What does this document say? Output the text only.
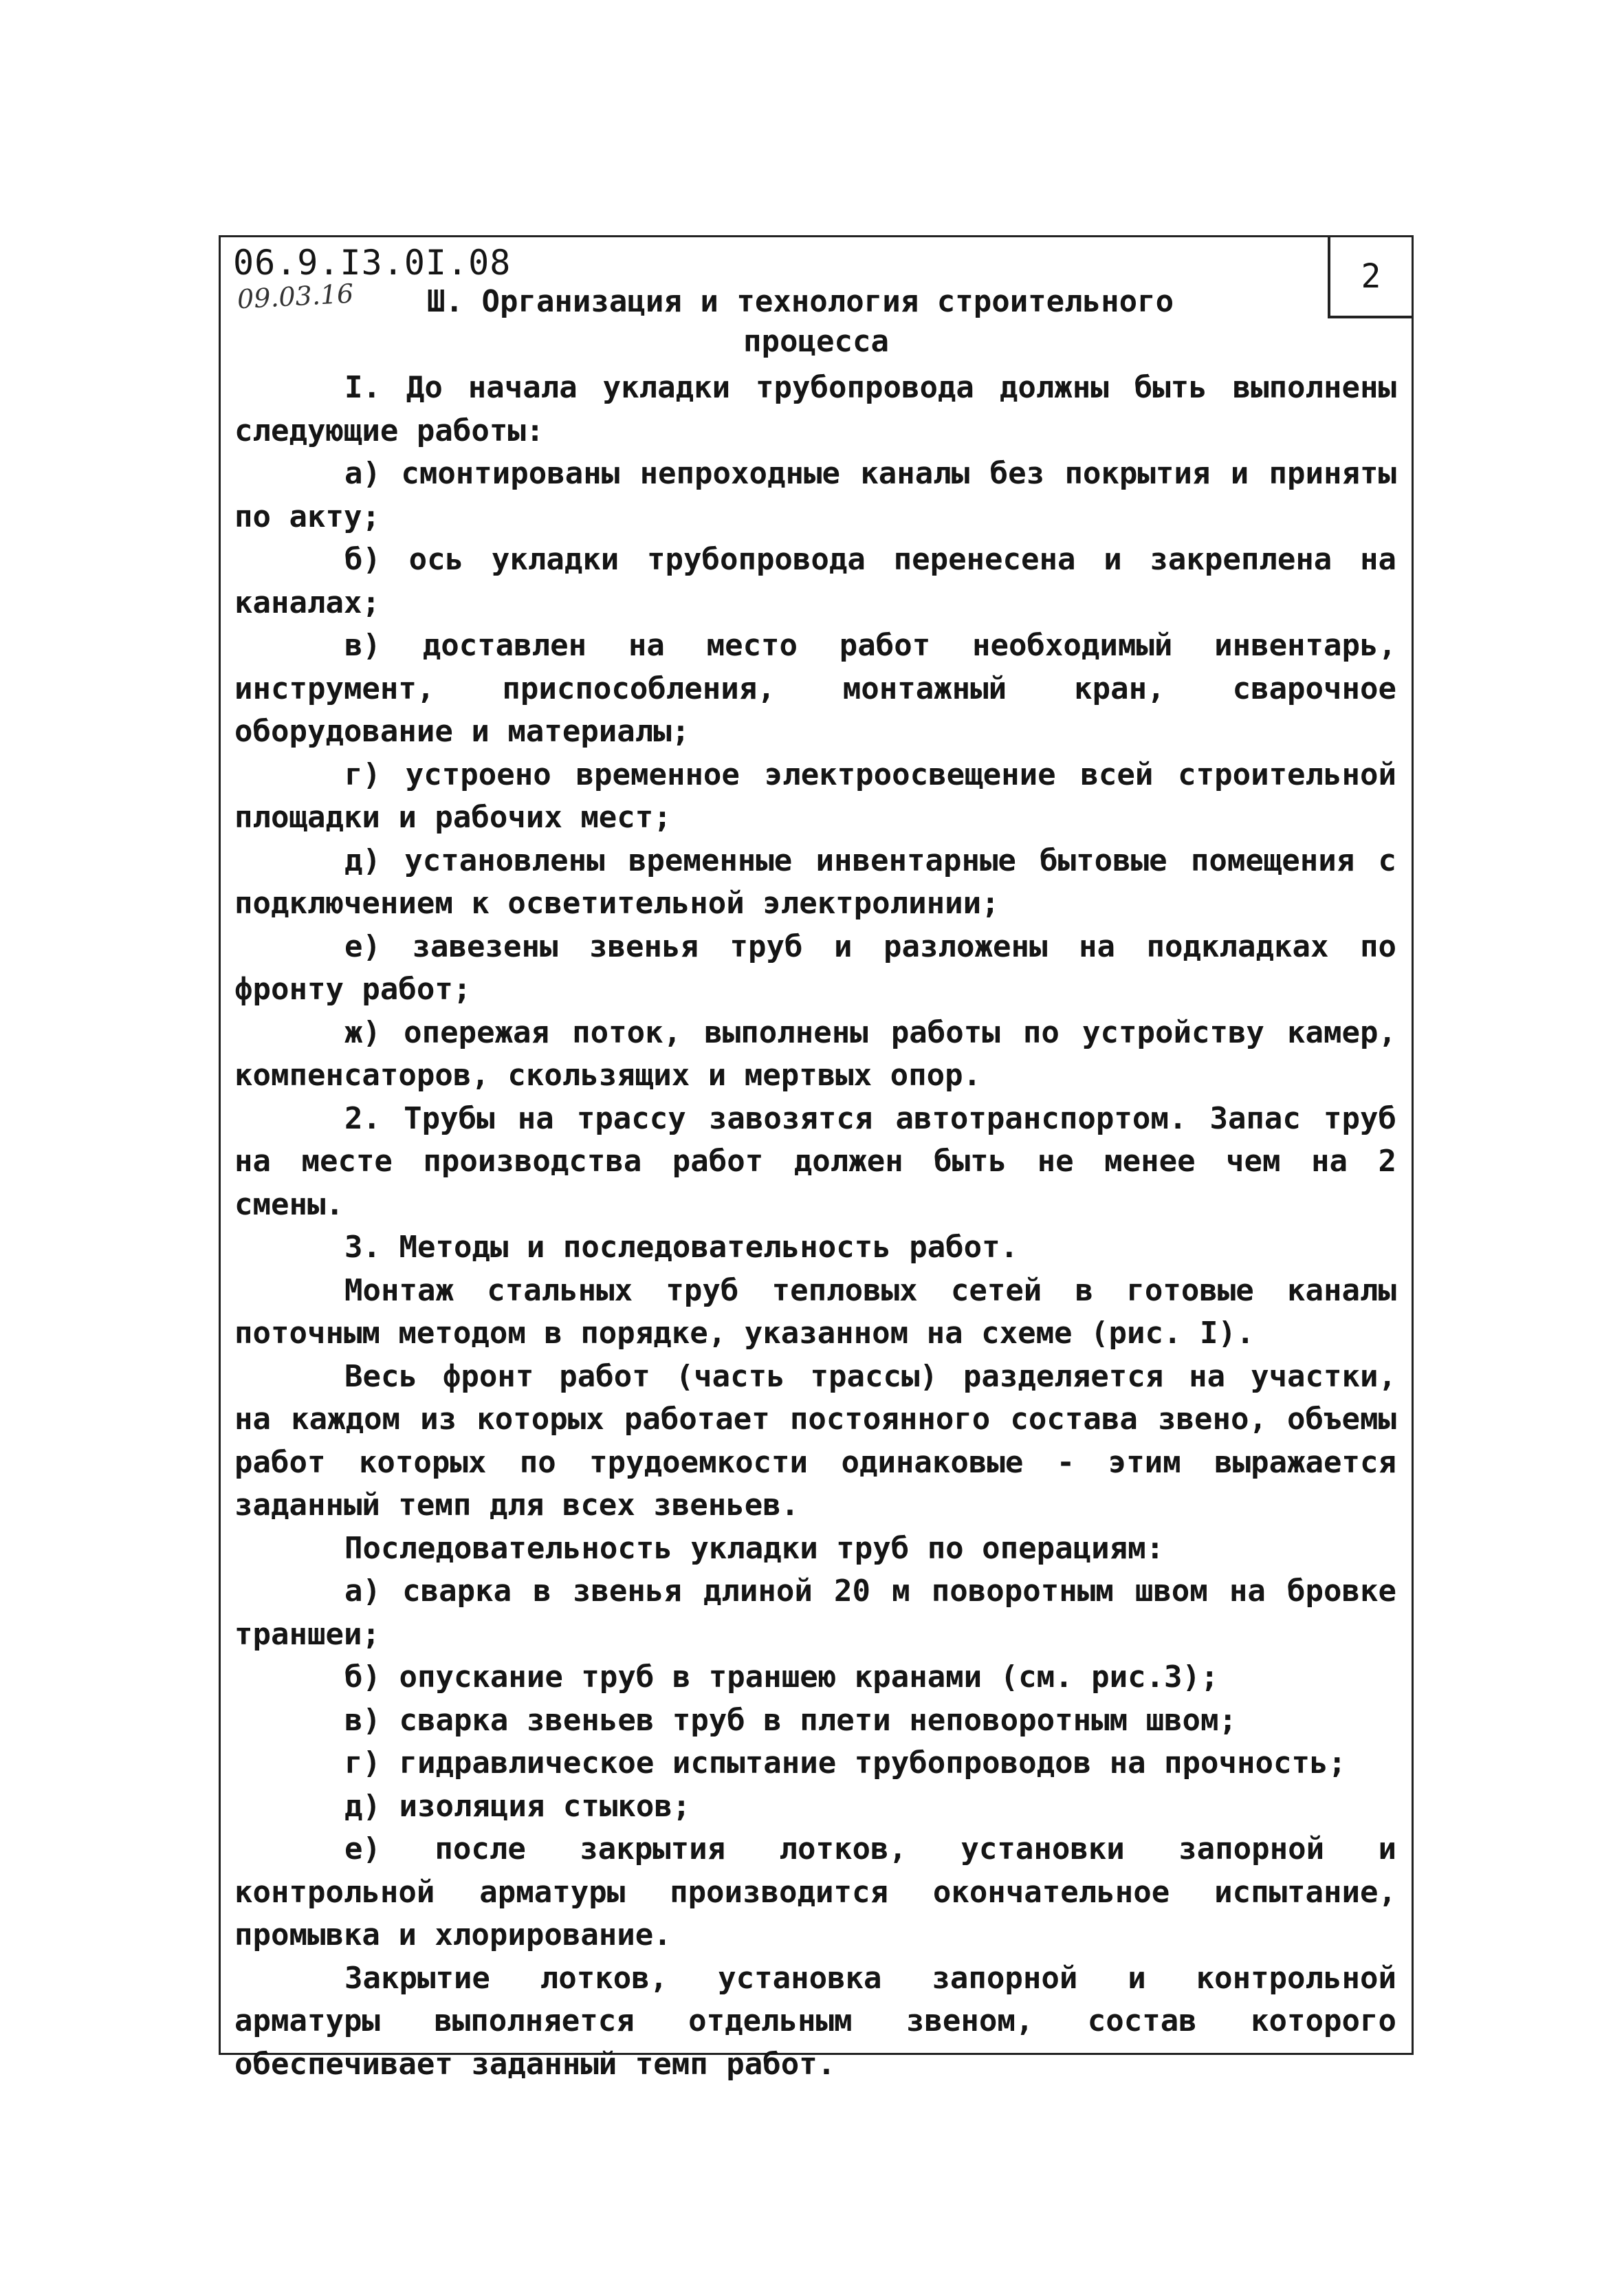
06.9.I3.0I.08
09.03.16
2
Ш. Организация и технология строительного
процесса

I. До начала укладки трубопровода должны быть выполнены следующие работы:

а) смонтированы непроходные каналы без покрытия и приняты по акту;

б) ось укладки трубопровода перенесена и закреплена на каналах;

в) доставлен на место работ необходимый инвентарь, инструмент, приспособления, монтажный кран, сварочное оборудование и материалы;

г) устроено временное электроосвещение всей строительной площадки и рабочих мест;

д) установлены временные инвентарные бытовые помещения с подключением к осветительной электролинии;

е) завезены звенья труб и разложены на подкладках по фронту работ;

ж) опережая поток, выполнены работы по устройству камер, компенсаторов, скользящих и мертвых опор.

2. Трубы на трассу завозятся автотранспортом. Запас труб на месте производства работ должен быть не менее чем на 2 смены.

3. Методы и последовательность работ.

Монтаж стальных труб тепловых сетей в готовые каналы поточным методом в порядке, указанном на схеме (рис. I).

Весь фронт работ (часть трассы) разделяется на участки, на каждом из которых работает постоянного состава звено, объемы работ которых по трудоемкости одинаковые - этим выражается заданный темп для всех звеньев.

Последовательность укладки труб по операциям:

а) сварка в звенья длиной 20 м поворотным швом на бровке траншеи;

б) опускание труб в траншею кранами (см. рис.3);

в) сварка звеньев труб в плети неповоротным швом;

г) гидравлическое испытание трубопроводов на прочность;

д) изоляция стыков;

е) после закрытия лотков, установки запорной и контрольной арматуры производится окончательное испытание, промывка и хлорирование.

Закрытие лотков, установка запорной и контрольной арматуры выполняется отдельным звеном, состав которого обеспечивает заданный темп работ.
